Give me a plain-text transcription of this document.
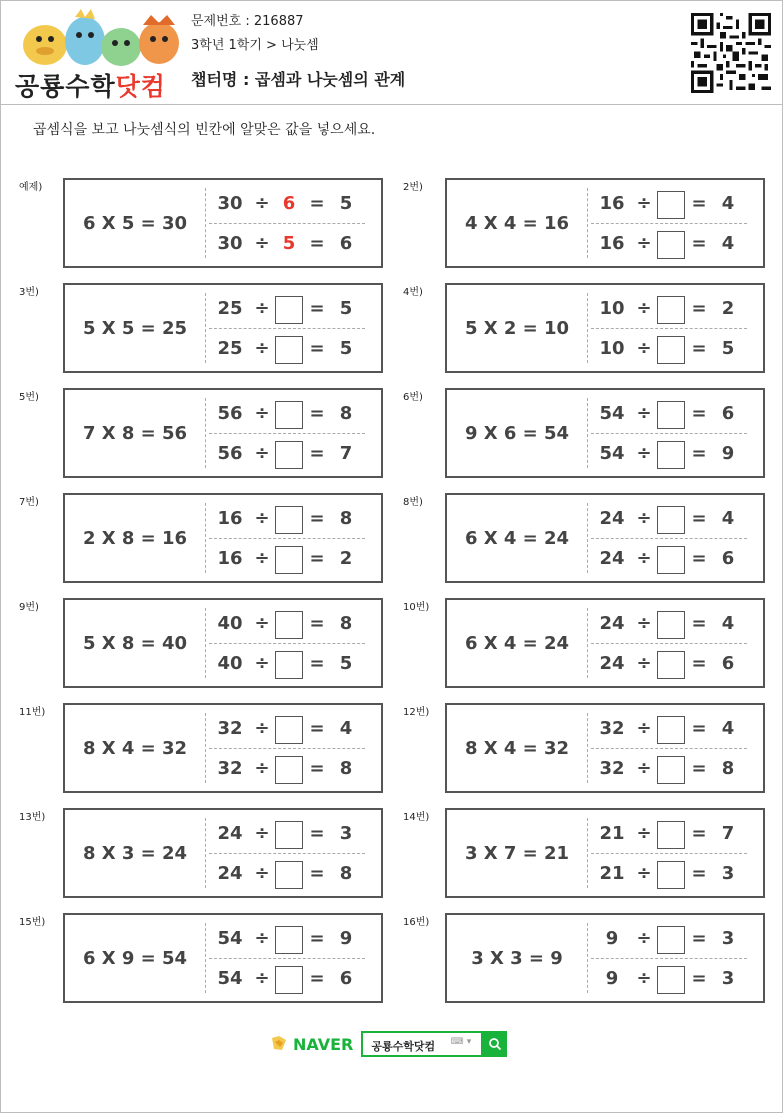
공룡수학닷컴
문제번호 : 216887
3학년 1학기 > 나눗셈
챕터명 : 곱셈과 나눗셈의 관계
곱셈식을 보고 나눗셈식의 빈칸에 알맞은 값을 넣으세요.
예제)
6 X 5 = 30
30 ÷ 6 = 5
30 ÷ 5 = 6
2번)
4 X 4 = 16
16 ÷ = 4
16 ÷ = 4
3번)
5 X 5 = 25
25 ÷ = 5
25 ÷ = 5
4번)
5 X 2 = 10
10 ÷ = 2
10 ÷ = 5
5번)
7 X 8 = 56
56 ÷ = 8
56 ÷ = 7
6번)
9 X 6 = 54
54 ÷ = 6
54 ÷ = 9
7번)
2 X 8 = 16
16 ÷ = 8
16 ÷ = 2
8번)
6 X 4 = 24
24 ÷ = 4
24 ÷ = 6
9번)
5 X 8 = 40
40 ÷ = 8
40 ÷ = 5
10번)
6 X 4 = 24
24 ÷ = 4
24 ÷ = 6
11번)
8 X 4 = 32
32 ÷ = 4
32 ÷ = 8
12번)
8 X 4 = 32
32 ÷ = 4
32 ÷ = 8
13번)
8 X 3 = 24
24 ÷ = 3
24 ÷ = 8
14번)
3 X 7 = 21
21 ÷ = 7
21 ÷ = 3
15번)
6 X 9 = 54
54 ÷ = 9
54 ÷ = 6
16번)
3 X 3 = 9
9	÷ = 3
9	÷ = 3
NAVER	공룡수학닷컴 ⌨ ▾
